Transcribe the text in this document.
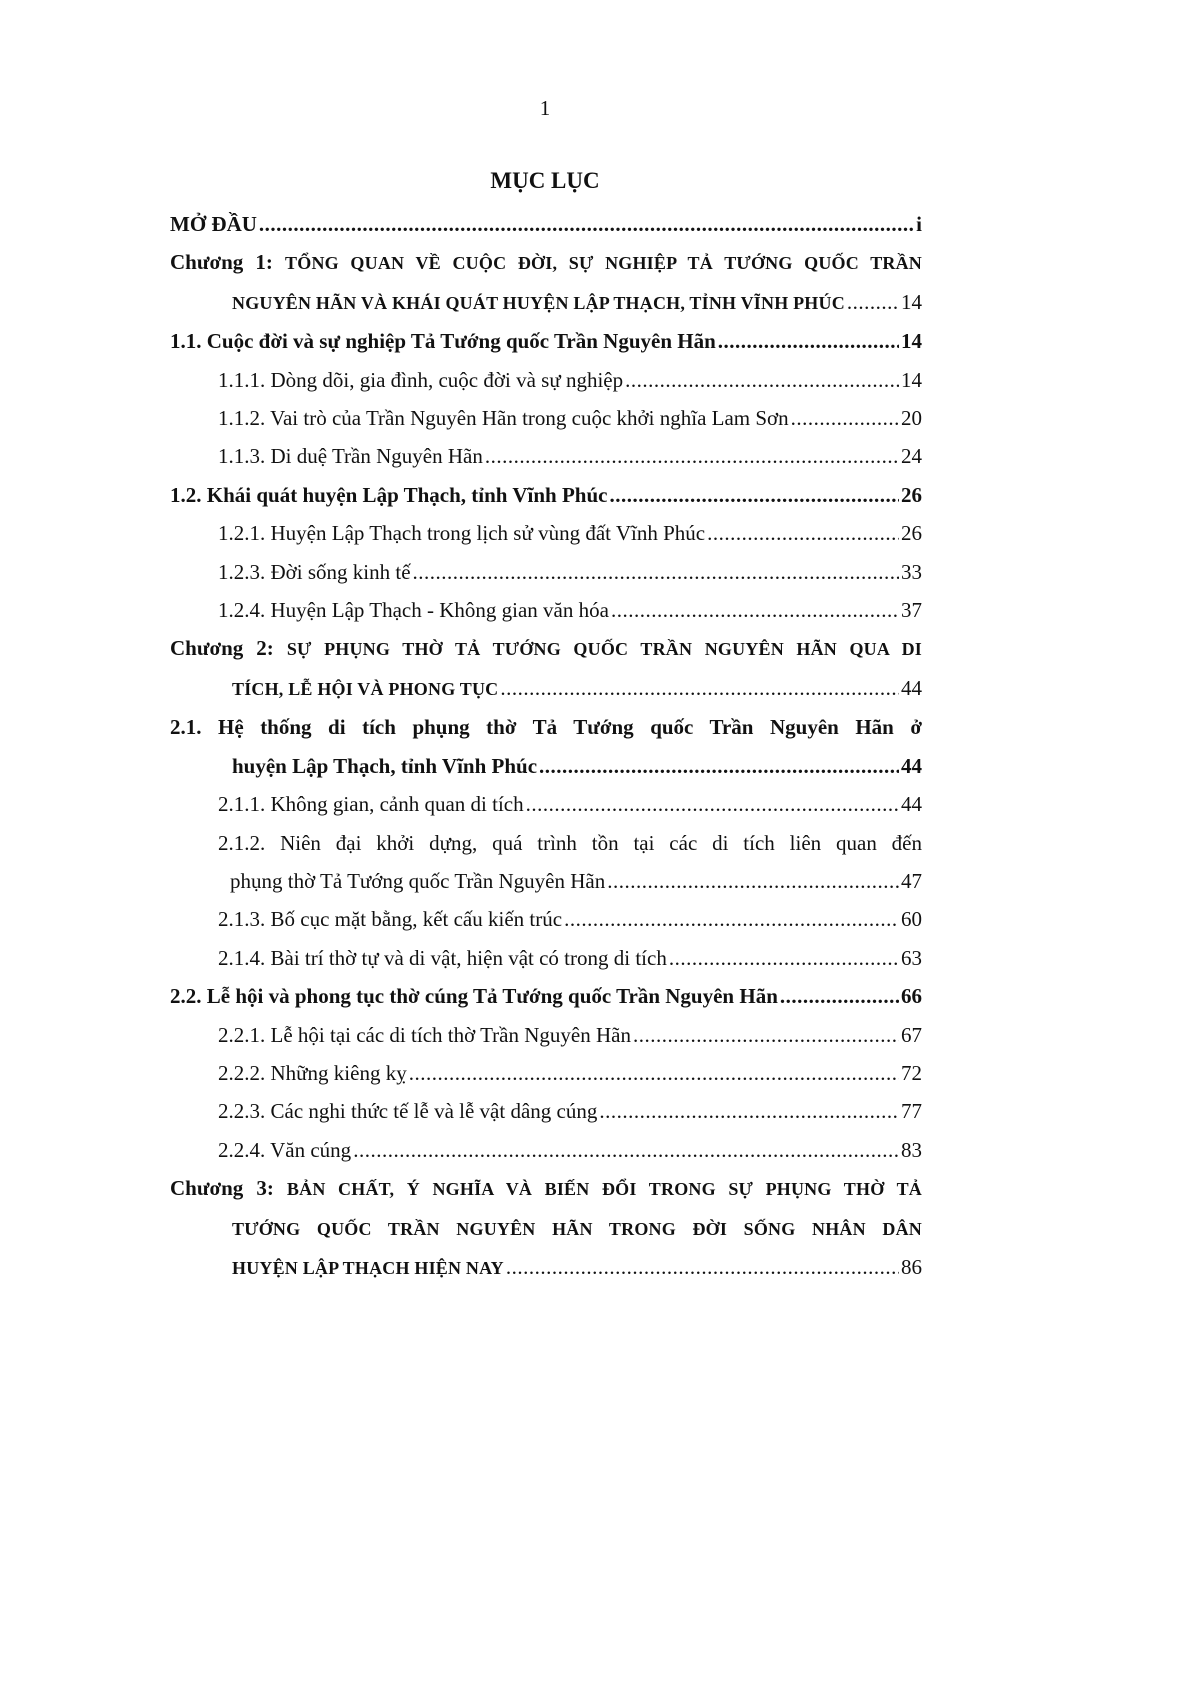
1
MỤC LỤC
MỞ ĐẦU .....	i
Chương 1: TỔNG QUAN VỀ CUỘC ĐỜI, SỰ NGHIỆP TẢ TƯỚNG QUỐC TRẦN
NGUYÊN HÃN VÀ KHÁI QUÁT HUYỆN LẬP THẠCH, TỈNH VĨNH PHÚC .....	14
1.1. Cuộc đời và sự nghiệp Tả Tướng quốc Trần Nguyên Hãn .....	14
1.1.1. Dòng dõi, gia đình, cuộc đời và sự nghiệp .....	14
1.1.2. Vai trò của Trần Nguyên Hãn trong cuộc khởi nghĩa Lam Sơn .....	20
1.1.3. Di duệ Trần Nguyên Hãn .....	24
1.2. Khái quát huyện Lập Thạch, tỉnh Vĩnh Phúc .....	26
1.2.1. Huyện Lập Thạch trong lịch sử vùng đất Vĩnh Phúc .....	26
1.2.3. Đời sống kinh tế .....	33
1.2.4. Huyện Lập Thạch - Không gian văn hóa .....	37
Chương 2: SỰ PHỤNG THỜ TẢ TƯỚNG QUỐC TRẦN NGUYÊN HÃN QUA DI
TÍCH, LỄ HỘI VÀ PHONG TỤC .....	44
2.1. Hệ thống di tích phụng thờ Tả Tướng quốc Trần Nguyên Hãn ở
huyện Lập Thạch, tỉnh Vĩnh Phúc .....	44
2.1.1. Không gian, cảnh quan di tích .....	44
2.1.2. Niên đại khởi dựng, quá trình tồn tại các di tích liên quan đến
phụng thờ Tả Tướng quốc Trần Nguyên Hãn .....	47
2.1.3. Bố cục mặt bằng, kết cấu kiến trúc .....	60
2.1.4. Bài trí thờ tự và di vật, hiện vật có trong di tích .....	63
2.2. Lễ hội và phong tục thờ cúng Tả Tướng quốc Trần Nguyên Hãn .....	66
2.2.1. Lễ hội tại các di tích thờ Trần Nguyên Hãn .....	67
2.2.2. Những kiêng kỵ .....	72
2.2.3. Các nghi thức tế lễ và lễ vật dâng cúng .....	77
2.2.4. Văn cúng .....	83
Chương 3: BẢN CHẤT, Ý NGHĨA VÀ BIẾN ĐỔI TRONG SỰ PHỤNG THỜ TẢ
TƯỚNG QUỐC TRẦN NGUYÊN HÃN TRONG ĐỜI SỐNG NHÂN DÂN
HUYỆN LẬP THẠCH HIỆN NAY .....	86
